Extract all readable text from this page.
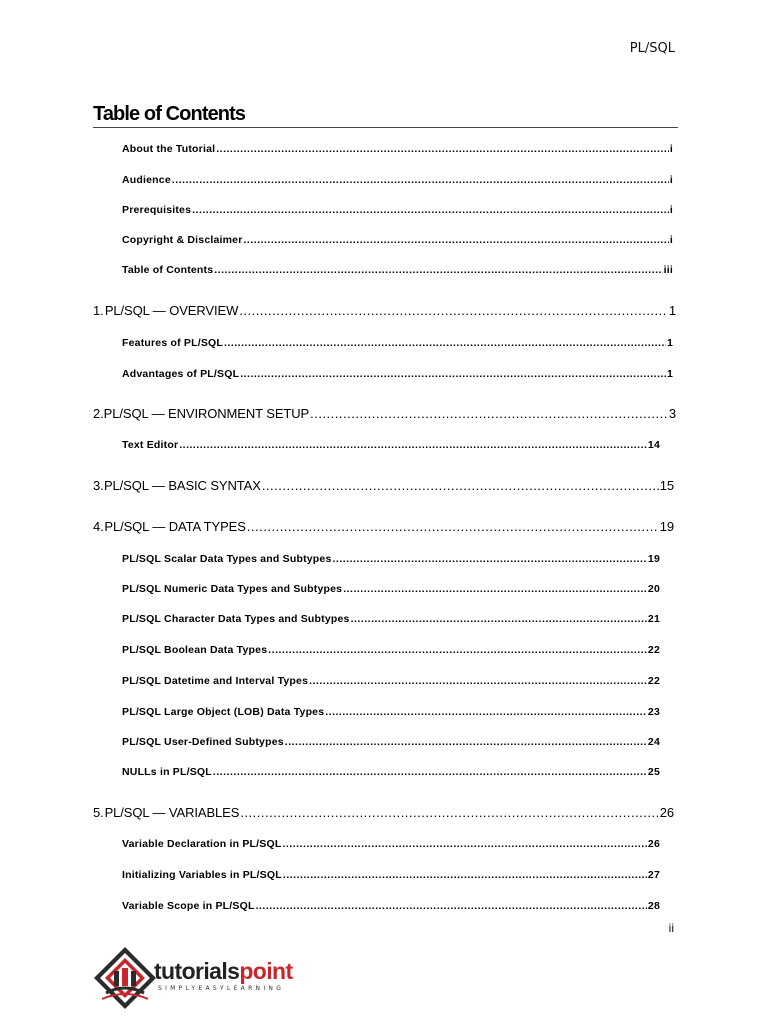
PL/SQL
Table of Contents
About the Tutorial .....	i
Audience .....	i
Prerequisites .....	i
Copyright & Disclaimer .....	i
Table of Contents .....	iii
1. PL/SQL — OVERVIEW .....	1
Features of PL/SQL .....	1
Advantages of PL/SQL .....	1
2. PL/SQL — ENVIRONMENT SETUP .....	3
Text Editor .....	14
3. PL/SQL — BASIC SYNTAX .....	15
4. PL/SQL — DATA TYPES .....	19
PL/SQL Scalar Data Types and Subtypes .....	19
PL/SQL Numeric Data Types and Subtypes .....	20
PL/SQL Character Data Types and Subtypes .....	21
PL/SQL Boolean Data Types .....	22
PL/SQL Datetime and Interval Types .....	22
PL/SQL Large Object (LOB) Data Types .....	23
PL/SQL User-Defined Subtypes .....	24
NULLs in PL/SQL .....	25
5. PL/SQL — VARIABLES .....	26
Variable Declaration in PL/SQL .....	26
Initializing Variables in PL/SQL .....	27
Variable Scope in PL/SQL .....	28
ii
tutorialspoint
SIMPLYEASYLEARNING
